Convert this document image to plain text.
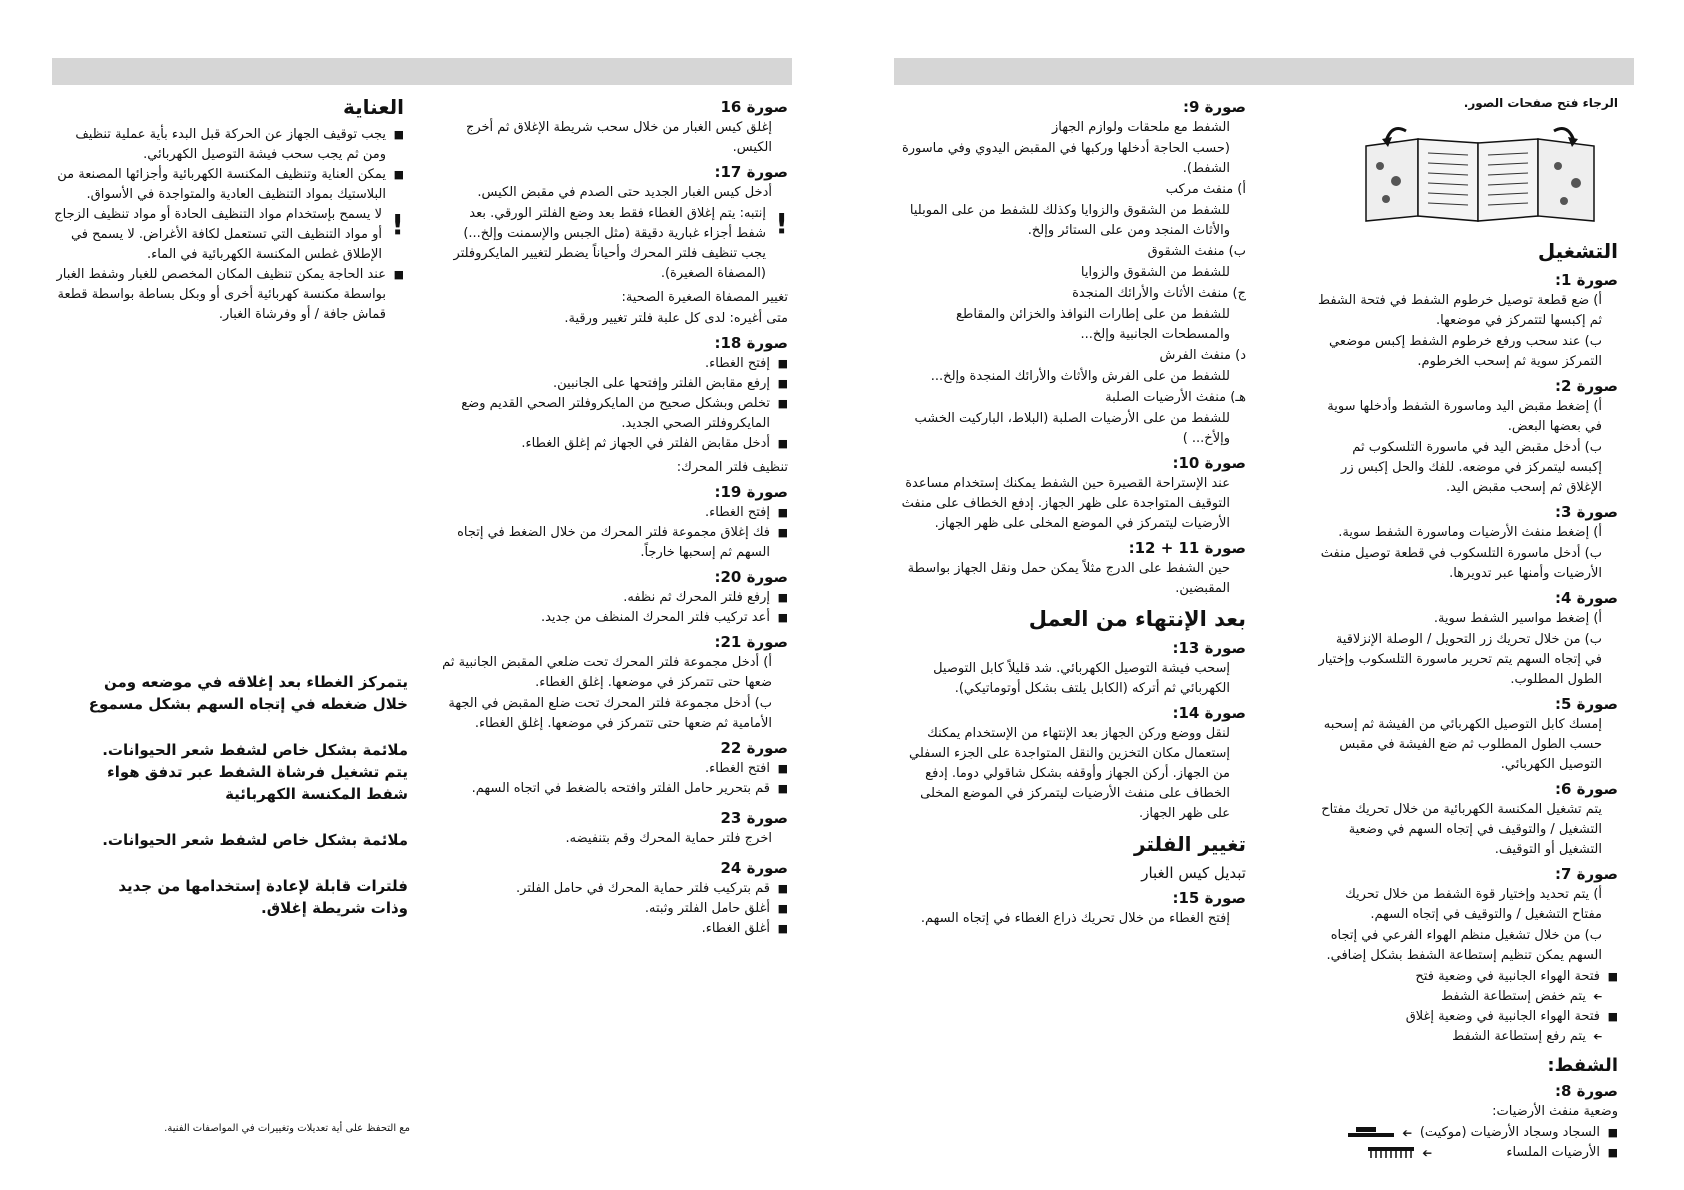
الرجاء فتح صفحات الصور.
التشغيل
صورة 1:
أ) ضع قطعة توصيل خرطوم الشفط في فتحة الشفط ثم إكبسها لتتمركز في موضعها.
ب) عند سحب ورفع خرطوم الشفط إكبس موضعي التمركز سوية ثم إسحب الخرطوم.
صورة 2:
أ) إضغط مقبض اليد وماسورة الشفط وأدخلها سوية في بعضها البعض.
ب) أدخل مقبض اليد في ماسورة التلسكوب ثم إكبسه ليتمركز في موضعه. للفك والحل إكبس زر الإغلاق ثم إسحب مقبض اليد.
صورة 3:
أ) إضغط منفث الأرضيات وماسورة الشفط سوية.
ب) أدخل ماسورة التلسكوب في قطعة توصيل منفث الأرضيات وأمنها عبر تدويرها.
صورة 4:
أ) إضغط مواسير الشفط سوية.
ب) من خلال تحريك زر التحويل / الوصلة الإنزلاقية في إتجاه السهم يتم تحرير ماسورة التلسكوب وإختيار الطول المطلوب.
صورة 5:
إمسك كابل التوصيل الكهربائي من الفيشة ثم إسحبه حسب الطول المطلوب ثم ضع الفيشة في مقبس التوصيل الكهربائي.
صورة 6:
يتم تشغيل المكنسة الكهربائية من خلال تحريك مفتاح التشغيل / والتوقيف في إتجاه السهم في وضعية التشغيل أو التوقيف.
صورة 7:
أ) يتم تحديد وإختيار قوة الشفط من خلال تحريك مفتاح التشغيل / والتوقيف في إتجاه السهم.
ب) من خلال تشغيل منظم الهواء الفرعي في إتجاه السهم يمكن تنظيم إستطاعة الشفط بشكل إضافي.
■ فتحة الهواء الجانبية في وضعية فتح
➔ يتم خفض إستطاعة الشفط
■ فتحة الهواء الجانبية في وضعية إغلاق
➔ يتم رفع إستطاعة الشفط
الشفط:
صورة 8:
وضعية منفث الأرضيات:
■ السجاد وسجاد الأرضيات (موكيت)
➔
■ الأرضيات الملساء
➔
صورة 9:
الشفط مع ملحقات ولوازم الجهاز
(حسب الحاجة أدخلها وركبها في المقبض اليدوي وفي ماسورة الشفط).
أ) منفث مركب
للشفط من الشقوق والزوايا وكذلك للشفط من على الموبليا والأثاث المنجد ومن على الستائر وإلخ.
ب) منفث الشقوق
للشفط من الشقوق والزوايا
ج) منفث الأثاث والأرائك المنجدة
للشفط من على إطارات النوافذ والخزائن والمقاطع والمسطحات الجانبية وإلخ...
د) منفث الفرش
للشفط من على الفرش والأثاث والأرائك المنجدة وإلخ...
هـ) منفث الأرضيات الصلبة
للشفط من على الأرضيات الصلبة (البلاط، الباركيت الخشب وإلأخ... )
صورة 10:
عند الإستراحة القصيرة حين الشفط يمكنك إستخدام مساعدة التوقيف المتواجدة على ظهر الجهاز. إدفع الخطاف على منفث الأرضيات ليتمركز في الموضع المخلى على ظهر الجهاز.
صورة 11 + 12:
حين الشفط على الدرج مثلاً يمكن حمل ونقل الجهاز بواسطة المقبضين.
بعد الإنتهاء من العمل
صورة 13:
إسحب فيشة التوصيل الكهربائي. شد قليلاً كابل التوصيل الكهربائي ثم أتركه (الكابل يلتف بشكل أوتوماتيكي).
صورة 14:
لنقل ووضع وركن الجهاز بعد الإنتهاء من الإستخدام يمكنك إستعمال مكان التخزين والنقل المتواجدة على الجزء السفلي من الجهاز. أركن الجهاز وأوقفه بشكل شاقولي دوما. إدفع الخطاف على منفث الأرضيات ليتمركز في الموضع المخلى على ظهر الجهاز.
تغيير الفلتر
تبديل كيس الغبار
صورة 15:
إفتح الغطاء من خلال تحريك ذراع الغطاء في إتجاه السهم.
صورة 16
إغلق كيس الغبار من خلال سحب شريطة الإغلاق ثم أخرج الكيس.
صورة 17:
أدخل كيس الغبار الجديد حتى الصدم في مقبض الكيس.
!
إنتبه: يتم إغلاق الغطاء فقط بعد وضع الفلتر الورقي. بعد شفط أجزاء غبارية دقيقة (مثل الجبس والإسمنت وإلخ...) يجب تنظيف فلتر المحرك وأحياناً يضطر لتغيير المايكروفلتر (المصفاة الصغيرة).
تغيير المصفاة الصغيرة الصحية:
متى أغيره: لدى كل علبة فلتر تغيير ورقية.
صورة 18:
■ إفتح الغطاء.
■ إرفع مقابض الفلتر وإفتحها على الجانبين.
■ تخلص وبشكل صحيح من المايكروفلتر الصحي القديم وضع المايكروفلتر الصحي الجديد.
■ أدخل مقابض الفلتر في الجهاز ثم إغلق الغطاء.
تنظيف فلتر المحرك:
صورة 19:
■ إفتح الغطاء.
■ فك إغلاق مجموعة فلتر المحرك من خلال الضغط في إتجاه السهم ثم إسحبها خارجاً.
صورة 20:
■ إرفع فلتر المحرك ثم نظفه.
■ أعد تركيب فلتر المحرك المنظف من جديد.
صورة 21:
أ) أدخل مجموعة فلتر المحرك تحت ضلعي المقبض الجانبية ثم ضعها حتى تتمركز في موضعها. إغلق الغطاء.
ب) أدخل مجموعة فلتر المحرك تحت ضلع المقبض في الجهة الأمامية ثم ضعها حتى تتمركز في موضعها. إغلق الغطاء.
صورة 22
■ افتح الغطاء.
■ قم بتحرير حامل الفلتر وافتحه بالضغط في اتجاه السهم.
صورة 23
اخرج فلتر حماية المحرك وقم بتنفيضه.
صورة 24
■ قم بتركيب فلتر حماية المحرك في حامل الفلتر.
■ أغلق حامل الفلتر وثبته.
■ أغلق الغطاء.
العناية
■ يجب توقيف الجهاز عن الحركة قبل البدء بأية عملية تنظيف ومن ثم يجب سحب فيشة التوصيل الكهربائي.
■ يمكن العناية وتنظيف المكنسة الكهربائية وأجزائها المصنعة من البلاستيك بمواد التنظيف العادية والمتواجدة في الأسواق.
!
لا يسمح بإستخدام مواد التنظيف الحادة أو مواد تنظيف الزجاج أو مواد التنظيف التي تستعمل لكافة الأغراض. لا يسمح في الإطلاق غطس المكنسة الكهربائية في الماء.
■ عند الحاجة يمكن تنظيف المكان المخصص للغبار وشفط الغبار بواسطة مكنسة كهربائية أخرى أو وبكل بساطة بواسطة قطعة قماش جافة / أو وفرشاة الغبار.
يتمركز الغطاء بعد إغلاقه في موضعه ومن خلال ضغطه في إتجاه السهم بشكل مسموع
ملائمة بشكل خاص لشفط شعر الحيوانات. يتم تشغيل فرشاة الشفط عبر تدفق هواء شفط المكنسة الكهربائية
ملائمة بشكل خاص لشفط شعر الحيوانات.
فلترات قابلة لإعادة إستخدامها من جديد وذات شريطة إغلاق.
مع التحفظ على أية تعديلات وتغييرات في المواصفات الفنية.
